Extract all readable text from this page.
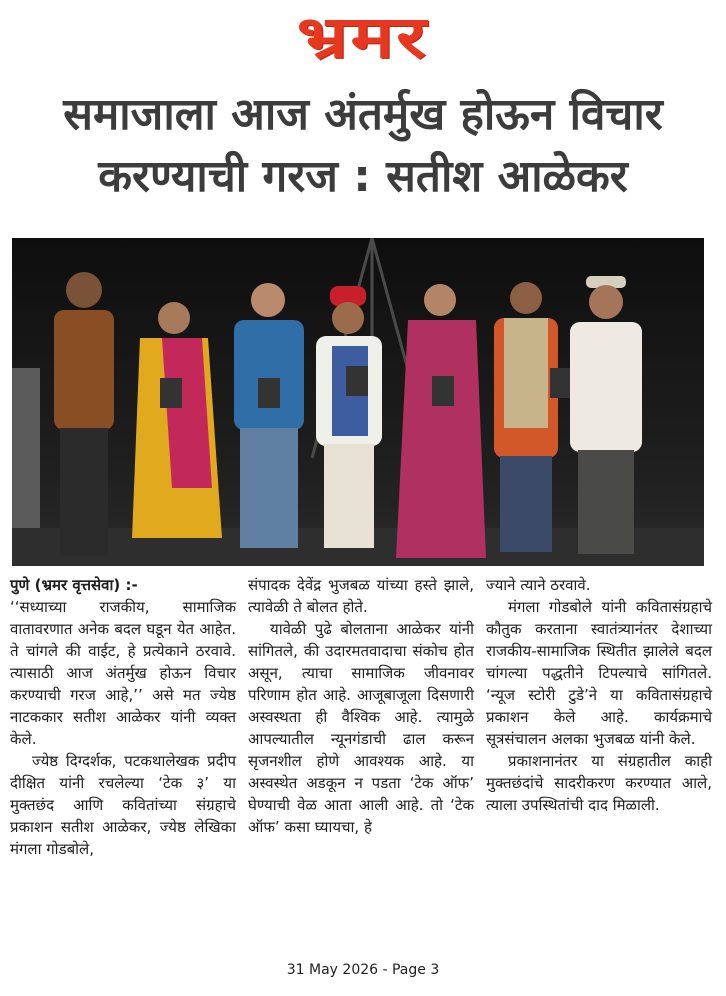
भ्रमर
समाजाला आज अंतर्मुख होऊन विचार
करण्याची गरज : सतीश आळेकर

पुणे (भ्रमर वृत्तसेवा) :-

‘‘सध्याच्या राजकीय, सामाजिक वातावरणात अनेक बदल घडून येत आहेत. ते चांगले की वाईट, हे प्रत्येकाने ठरवावे. त्यासाठी आज अंतर्मुख होऊन विचार करण्याची गरज आहे,’’ असे मत ज्येष्ठ नाटककार सतीश आळेकर यांनी व्यक्त केले.

ज्येष्ठ दिग्दर्शक, पटकथालेखक प्रदीप दीक्षित यांनी रचलेल्या ‘टेक ३’ या मुक्तछंद आणि कवितांच्या संग्रहाचे प्रकाशन सतीश आळेकर, ज्येष्ठ लेखिका मंगला गोडबोले,

संपादक देवेंद्र भुजबळ यांच्या हस्ते झाले, त्यावेळी ते बोलत होते.

यावेळी पुढे बोलताना आळेकर यांनी सांगितले, की उदारमतवादाचा संकोच होत असून, त्याचा सामाजिक जीवनावर परिणाम होत आहे. आजूबाजूला दिसणारी अस्वस्थता ही वैश्विक आहे. त्यामुळे आपल्यातील न्यूनगंडाची ढाल करून सृजनशील होणे आवश्यक आहे. या अस्वस्थेत अडकून न पडता ‘टेक ऑफ’ घेण्याची वेळ आता आली आहे. तो ‘टेक ऑफ’ कसा घ्यायचा, हे

ज्याने त्याने ठरवावे.

मंगला गोडबोले यांनी कवितासंग्रहाचे कौतुक करताना स्वातंत्र्यानंतर देशाच्या राजकीय-सामाजिक स्थितीत झालेले बदल चांगल्या पद्धतीने टिपल्याचे सांगितले. ‘न्यूज स्टोरी टुडे’ने या कवितासंग्रहाचे प्रकाशन केले आहे. कार्यक्रमाचे सूत्रसंचालन अलका भुजबळ यांनी केले.

प्रकाशनानंतर या संग्रहातील काही मुक्तछंदांचे सादरीकरण करण्यात आले, त्याला उपस्थितांची दाद मिळाली.

31 May 2026 - Page 3
